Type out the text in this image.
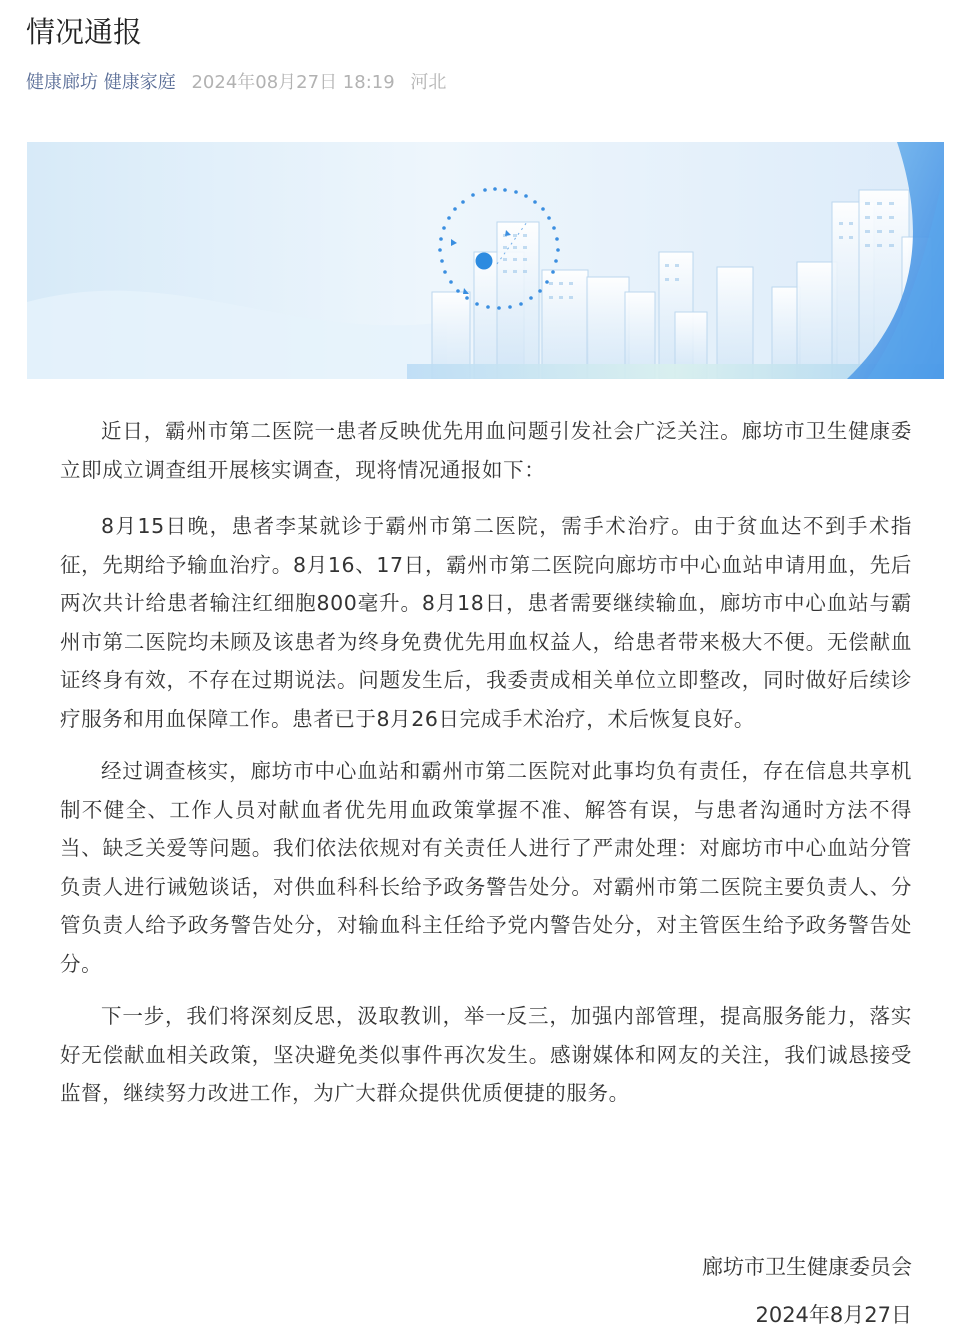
情况通报
健康廊坊 健康家庭 2024年08月27日 18:19 河北

近日，霸州市第二医院一患者反映优先用血问题引发社会广泛关注。廊坊市卫生健康委立即成立调查组开展核实调查，现将情况通报如下：

8月15日晚，患者李某就诊于霸州市第二医院，需手术治疗。由于贫血达不到手术指征，先期给予输血治疗。8月16、17日，霸州市第二医院向廊坊市中心血站申请用血，先后两次共计给患者输注红细胞800毫升。8月18日，患者需要继续输血，廊坊市中心血站与霸州市第二医院均未顾及该患者为终身免费优先用血权益人，给患者带来极大不便。无偿献血证终身有效，不存在过期说法。问题发生后，我委责成相关单位立即整改，同时做好后续诊疗服务和用血保障工作。患者已于8月26日完成手术治疗，术后恢复良好。

经过调查核实，廊坊市中心血站和霸州市第二医院对此事均负有责任，存在信息共享机制不健全、工作人员对献血者优先用血政策掌握不准、解答有误，与患者沟通时方法不得当、缺乏关爱等问题。我们依法依规对有关责任人进行了严肃处理：对廊坊市中心血站分管负责人进行诫勉谈话，对供血科科长给予政务警告处分。对霸州市第二医院主要负责人、分管负责人给予政务警告处分，对输血科主任给予党内警告处分，对主管医生给予政务警告处分。

下一步，我们将深刻反思，汲取教训，举一反三，加强内部管理，提高服务能力，落实好无偿献血相关政策，坚决避免类似事件再次发生。感谢媒体和网友的关注，我们诚恳接受监督，继续努力改进工作，为广大群众提供优质便捷的服务。

廊坊市卫生健康委员会
2024年8月27日
